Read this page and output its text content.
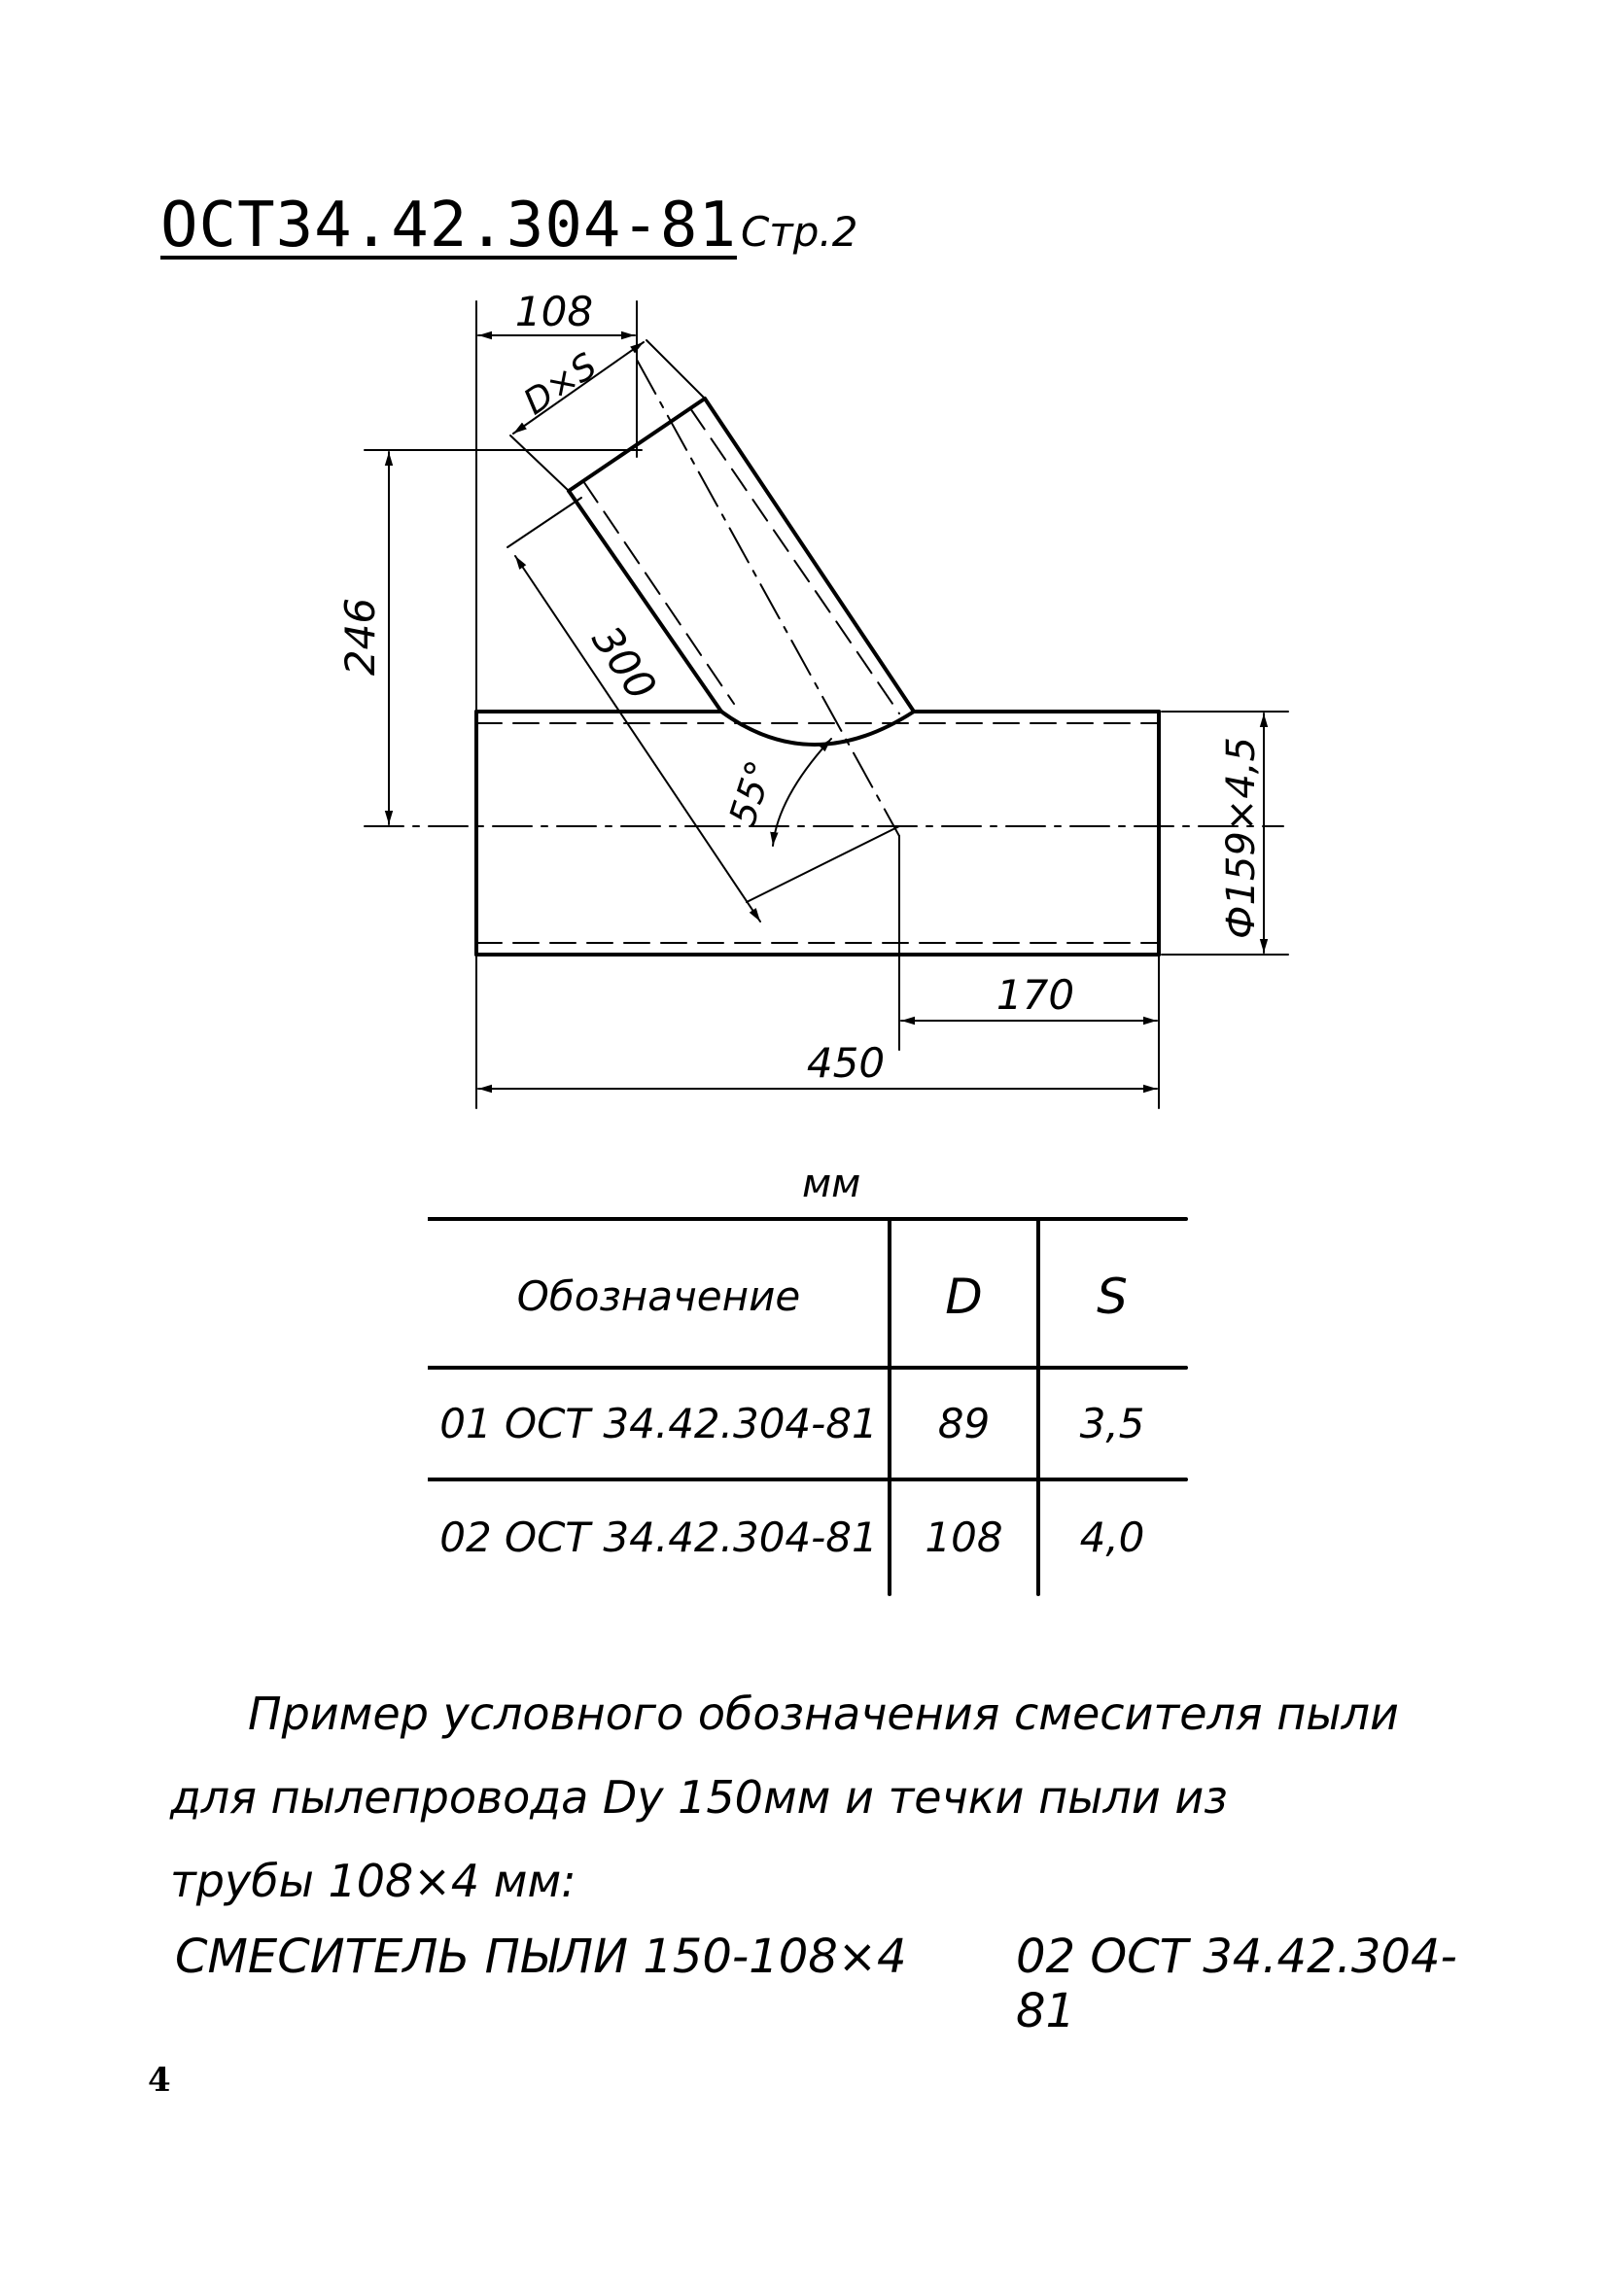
ОСТ34.42.304-81Стр.2
108
D×S
246	300
55°	Ф159×4,5
170
450
мм
Обозначение	D	S
01 ОСТ 34.42.304-81	89	3,5
02 ОСТ 34.42.304-81	108	4,0
Пример условного обозначения смесителя пыли
для пылепровода Dy 150мм и течки пыли из
трубы 108×4 мм:
СМЕСИТЕЛЬ ПЫЛИ 150-108×4 02 ОСТ 34.42.304-81
4
